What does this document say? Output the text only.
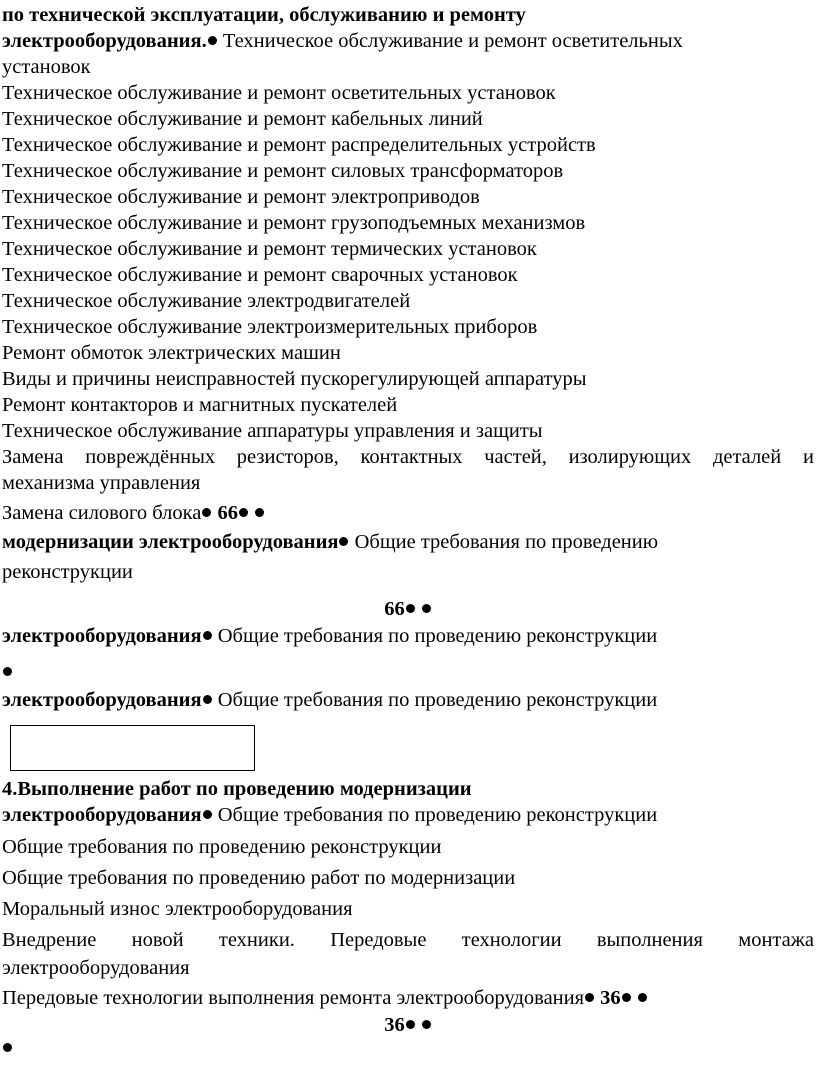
по технической эксплуатации, обслуживанию и ремонту
электрооборудования. Техническое обслуживание и ремонт осветительных
установок
Техническое обслуживание и ремонт осветительных установок
Техническое обслуживание и ремонт кабельных линий
Техническое обслуживание и ремонт распределительных устройств
Техническое обслуживание и ремонт силовых трансформаторов
Техническое обслуживание и ремонт электроприводов
Техническое обслуживание и ремонт грузоподъемных механизмов
Техническое обслуживание и ремонт термических установок
Техническое обслуживание и ремонт сварочных установок
Техническое обслуживание электродвигателей
Техническое обслуживание электроизмерительных приборов
Ремонт обмоток электрических машин
Виды и причины неисправностей пускорегулирующей аппаратуры
Ремонт контакторов и магнитных пускателей
Техническое обслуживание аппаратуры управления и защиты
Замена повреждённых резисторов, контактных частей, изолирующих деталей и
механизма управления
Замена силового блока 66
модернизации электрооборудования Общие требования по проведению
реконструкции
66
электрооборудования Общие требования по проведению реконструкции
электрооборудования Общие требования по проведению реконструкции
4.Выполнение работ по проведению модернизации
электрооборудования Общие требования по проведению реконструкции
Общие требования по проведению реконструкции
Общие требования по проведению работ по модернизации
Моральный износ электрооборудования
Внедрение новой техники. Передовые технологии выполнения монтажа
электрооборудования
Передовые технологии выполнения ремонта электрооборудования 36
36
